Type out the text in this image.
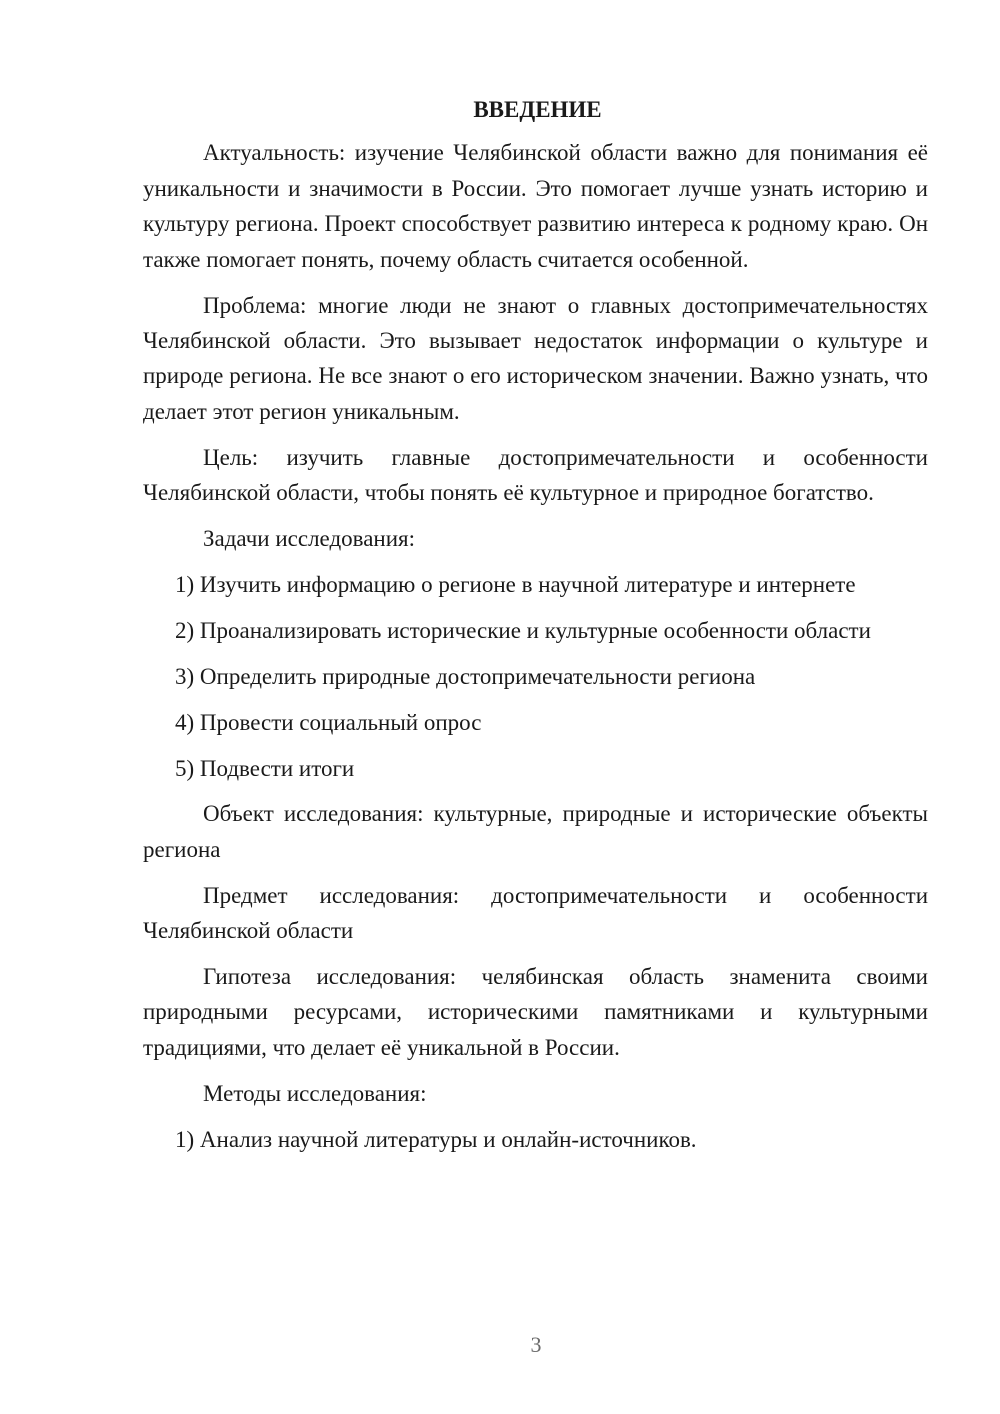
ВВЕДЕНИЕ

Актуальность: изучение Челябинской области важно для понимания её уникальности и значимости в России. Это помогает лучше узнать историю и культуру региона. Проект способствует развитию интереса к родному краю. Он также помогает понять, почему область считается особенной.

Проблема: многие люди не знают о главных достопримечательностях Челябинской области. Это вызывает недостаток информации о культуре и природе региона. Не все знают о его историческом значении. Важно узнать, что делает этот регион уникальным.

Цель: изучить главные достопримечательности и особенности Челябинской области, чтобы понять её культурное и природное богатство.

Задачи исследования:

1) Изучить информацию о регионе в научной литературе и интернете

2) Проанализировать исторические и культурные особенности области

3) Определить природные достопримечательности региона

4) Провести социальный опрос

5) Подвести итоги

Объект исследования: культурные, природные и исторические объекты региона

Предмет исследования: достопримечательности и особенности Челябинской области

Гипотеза исследования: челябинская область знаменита своими природными ресурсами, историческими памятниками и культурными традициями, что делает её уникальной в России.

Методы исследования:

1) Анализ научной литературы и онлайн-источников.

3
